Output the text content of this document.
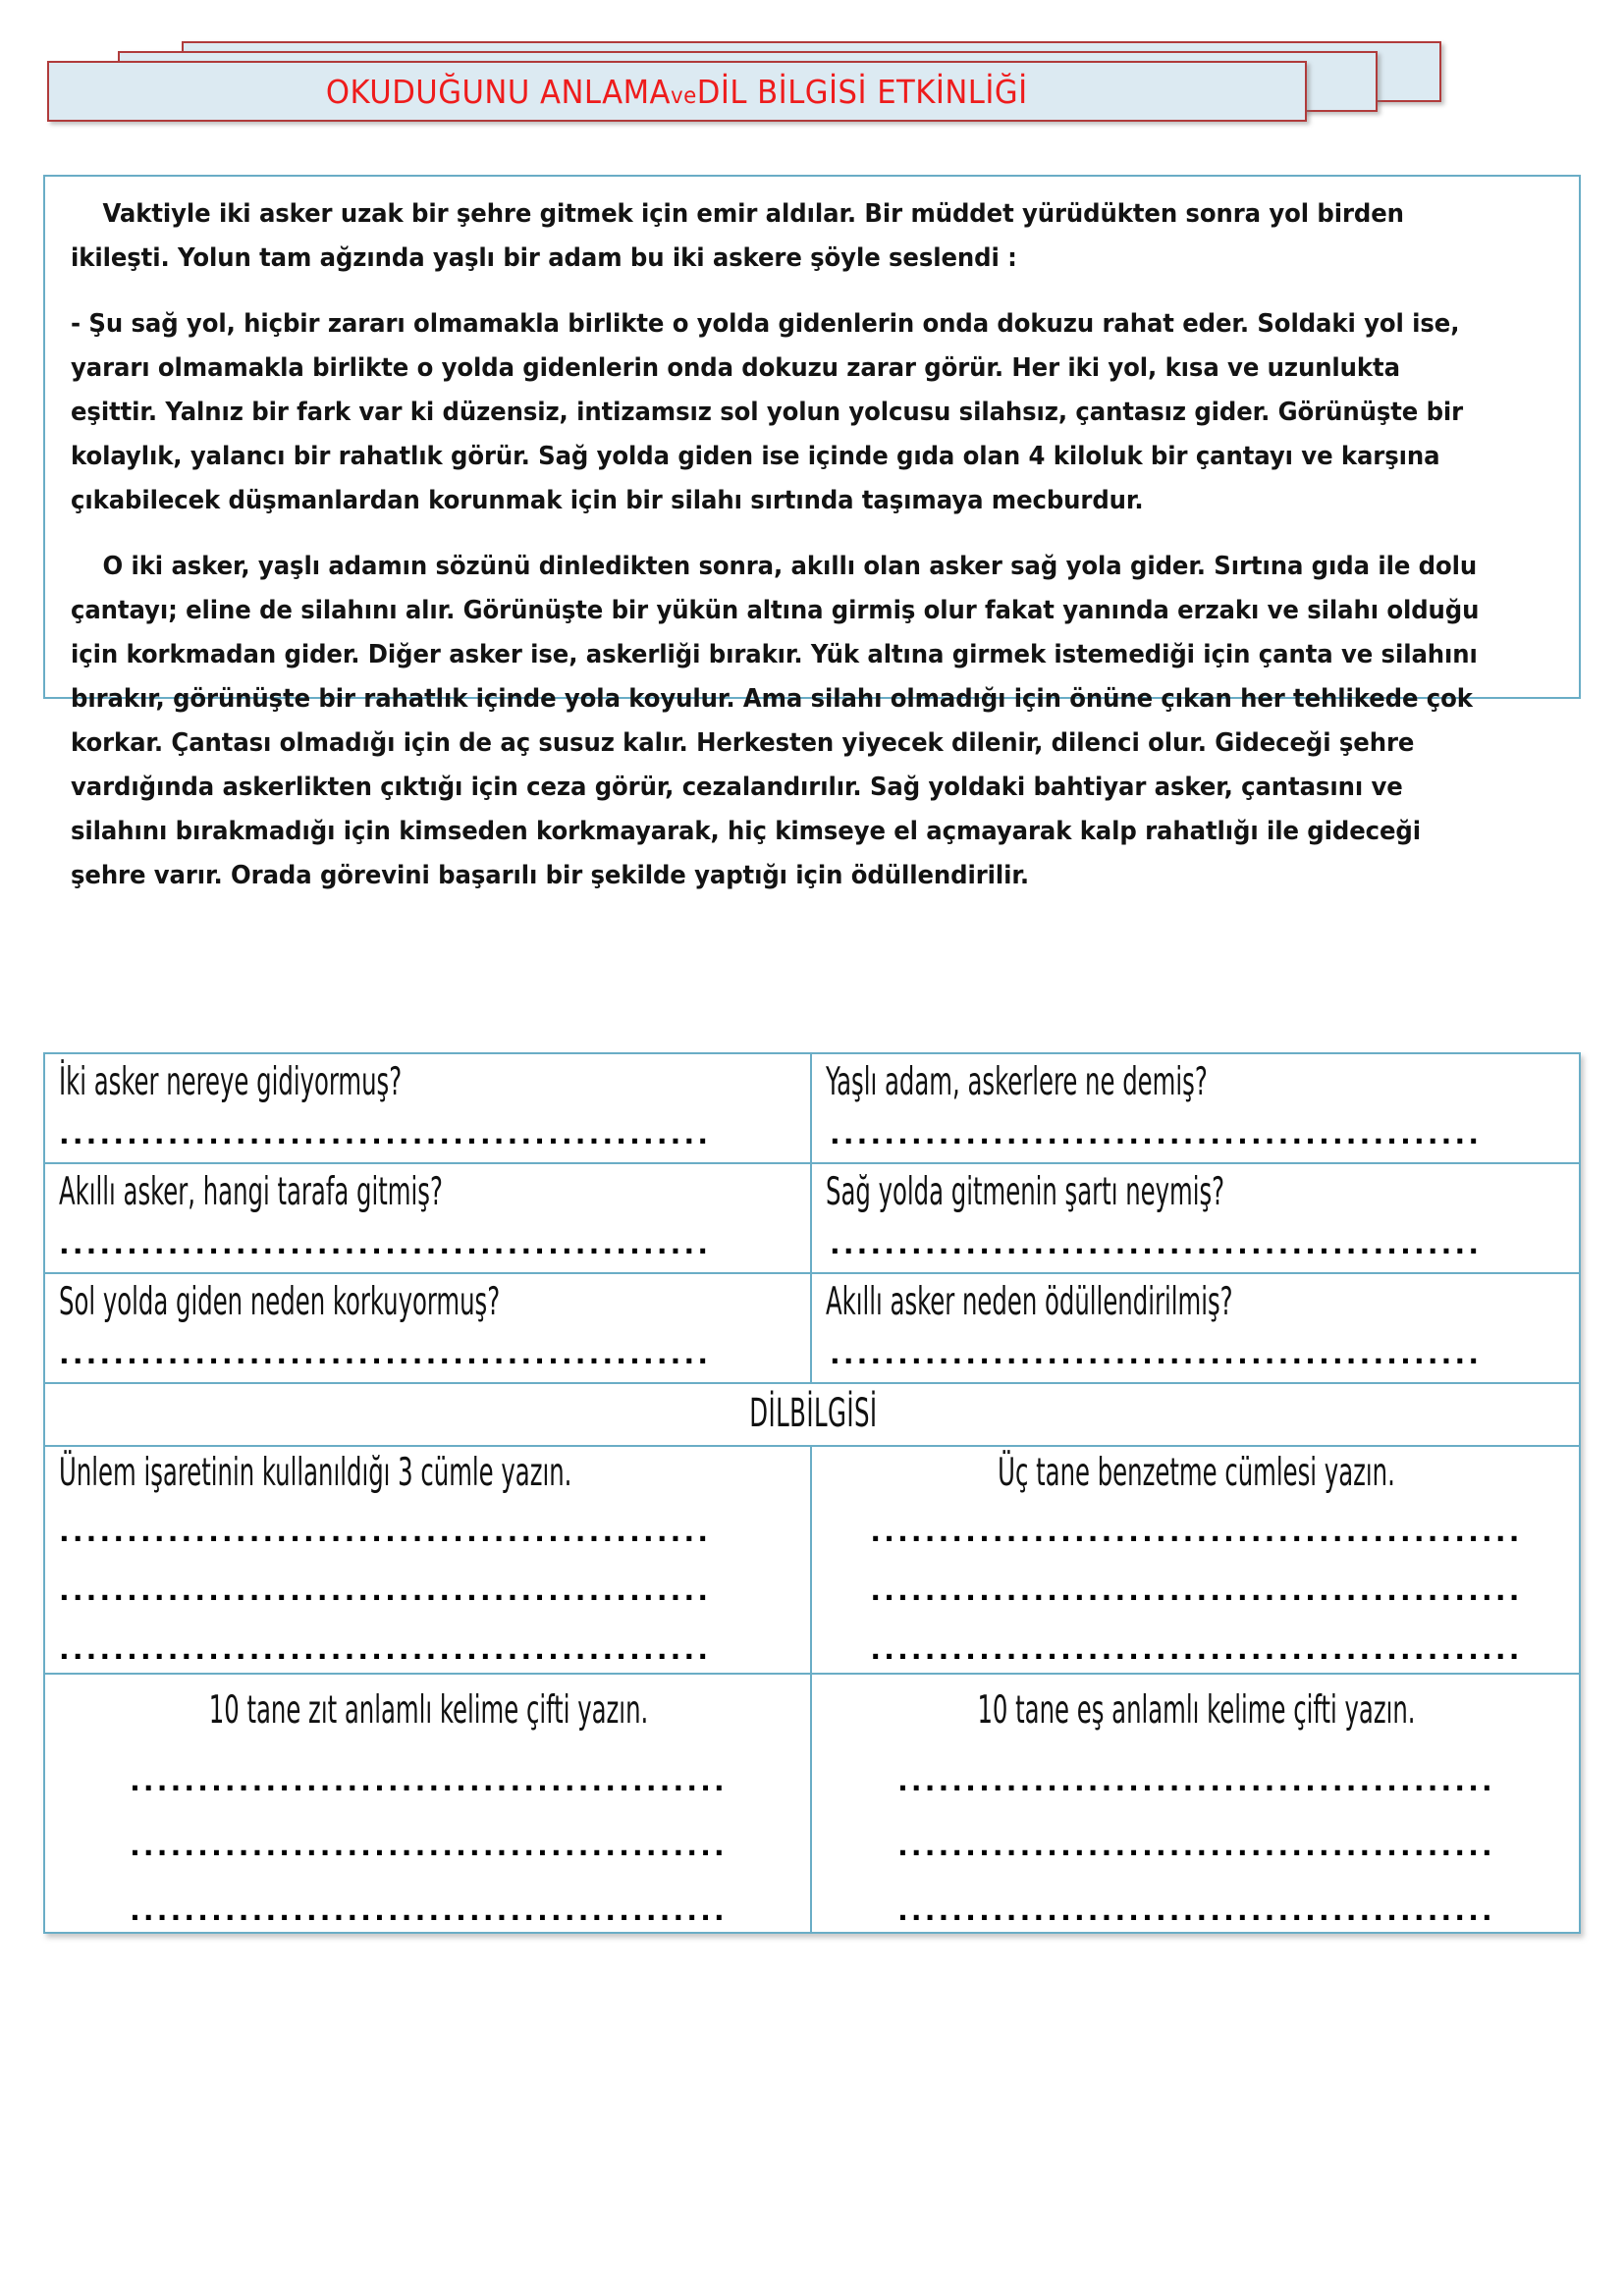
OKUDUĞUNU ANLAMAveDİL BİLGİSİ ETKİNLİĞİ

Vaktiyle iki asker uzak bir şehre gitmek için emir aldılar. Bir müddet yürüdükten sonra yol birden ikileşti. Yolun tam ağzında yaşlı bir adam bu iki askere şöyle seslendi :

- Şu sağ yol, hiçbir zararı olmamakla birlikte o yolda gidenlerin onda dokuzu rahat eder. Soldaki yol ise, yararı olmamakla birlikte o yolda gidenlerin onda dokuzu zarar görür. Her iki yol, kısa ve uzunlukta eşittir. Yalnız bir fark var ki düzensiz, intizamsız sol yolun yolcusu silahsız, çantasız gider. Görünüşte bir kolaylık, yalancı bir rahatlık görür. Sağ yolda giden ise içinde gıda olan 4 kiloluk bir çantayı ve karşına çıkabilecek düşmanlardan korunmak için bir silahı sırtında taşımaya mecburdur.

O iki asker, yaşlı adamın sözünü dinledikten sonra, akıllı olan asker sağ yola gider. Sırtına gıda ile dolu çantayı; eline de silahını alır. Görünüşte bir yükün altına girmiş olur fakat yanında erzakı ve silahı olduğu için korkmadan gider. Diğer asker ise, askerliği bırakır. Yük altına girmek istemediği için çanta ve silahını bırakır, görünüşte bir rahatlık içinde yola koyulur. Ama silahı olmadığı için önüne çıkan her tehlikede çok korkar. Çantası olmadığı için de aç susuz kalır. Herkesten yiyecek dilenir, dilenci olur. Gideceği şehre vardığında askerlikten çıktığı için ceza görür, cezalandırılır. Sağ yoldaki bahtiyar asker, çantasını ve silahını bırakmadığı için kimseden korkmayarak, hiç kimseye el açmayarak kalp rahatlığı ile gideceği şehre varır. Orada görevini başarılı bir şekilde yaptığı için ödüllendirilir.

İki asker nereye gidiyormuş?
................................................
Yaşlı adam, askerlere ne demiş?
................................................
Akıllı asker, hangi tarafa gitmiş?
................................................
Sağ yolda gitmenin şartı neymiş?
................................................
Sol yolda giden neden korkuyormuş?
................................................
Akıllı asker neden ödüllendirilmiş?
................................................
DİLBİLGİSİ
Ünlem işaretinin kullanıldığı 3 cümle yazın.
................................................
................................................
................................................
Üç tane benzetme cümlesi yazın.
................................................
................................................
................................................
10 tane zıt anlamlı kelime çifti yazın.
............................................
............................................
............................................
10 tane eş anlamlı kelime çifti yazın.
............................................
............................................
............................................
